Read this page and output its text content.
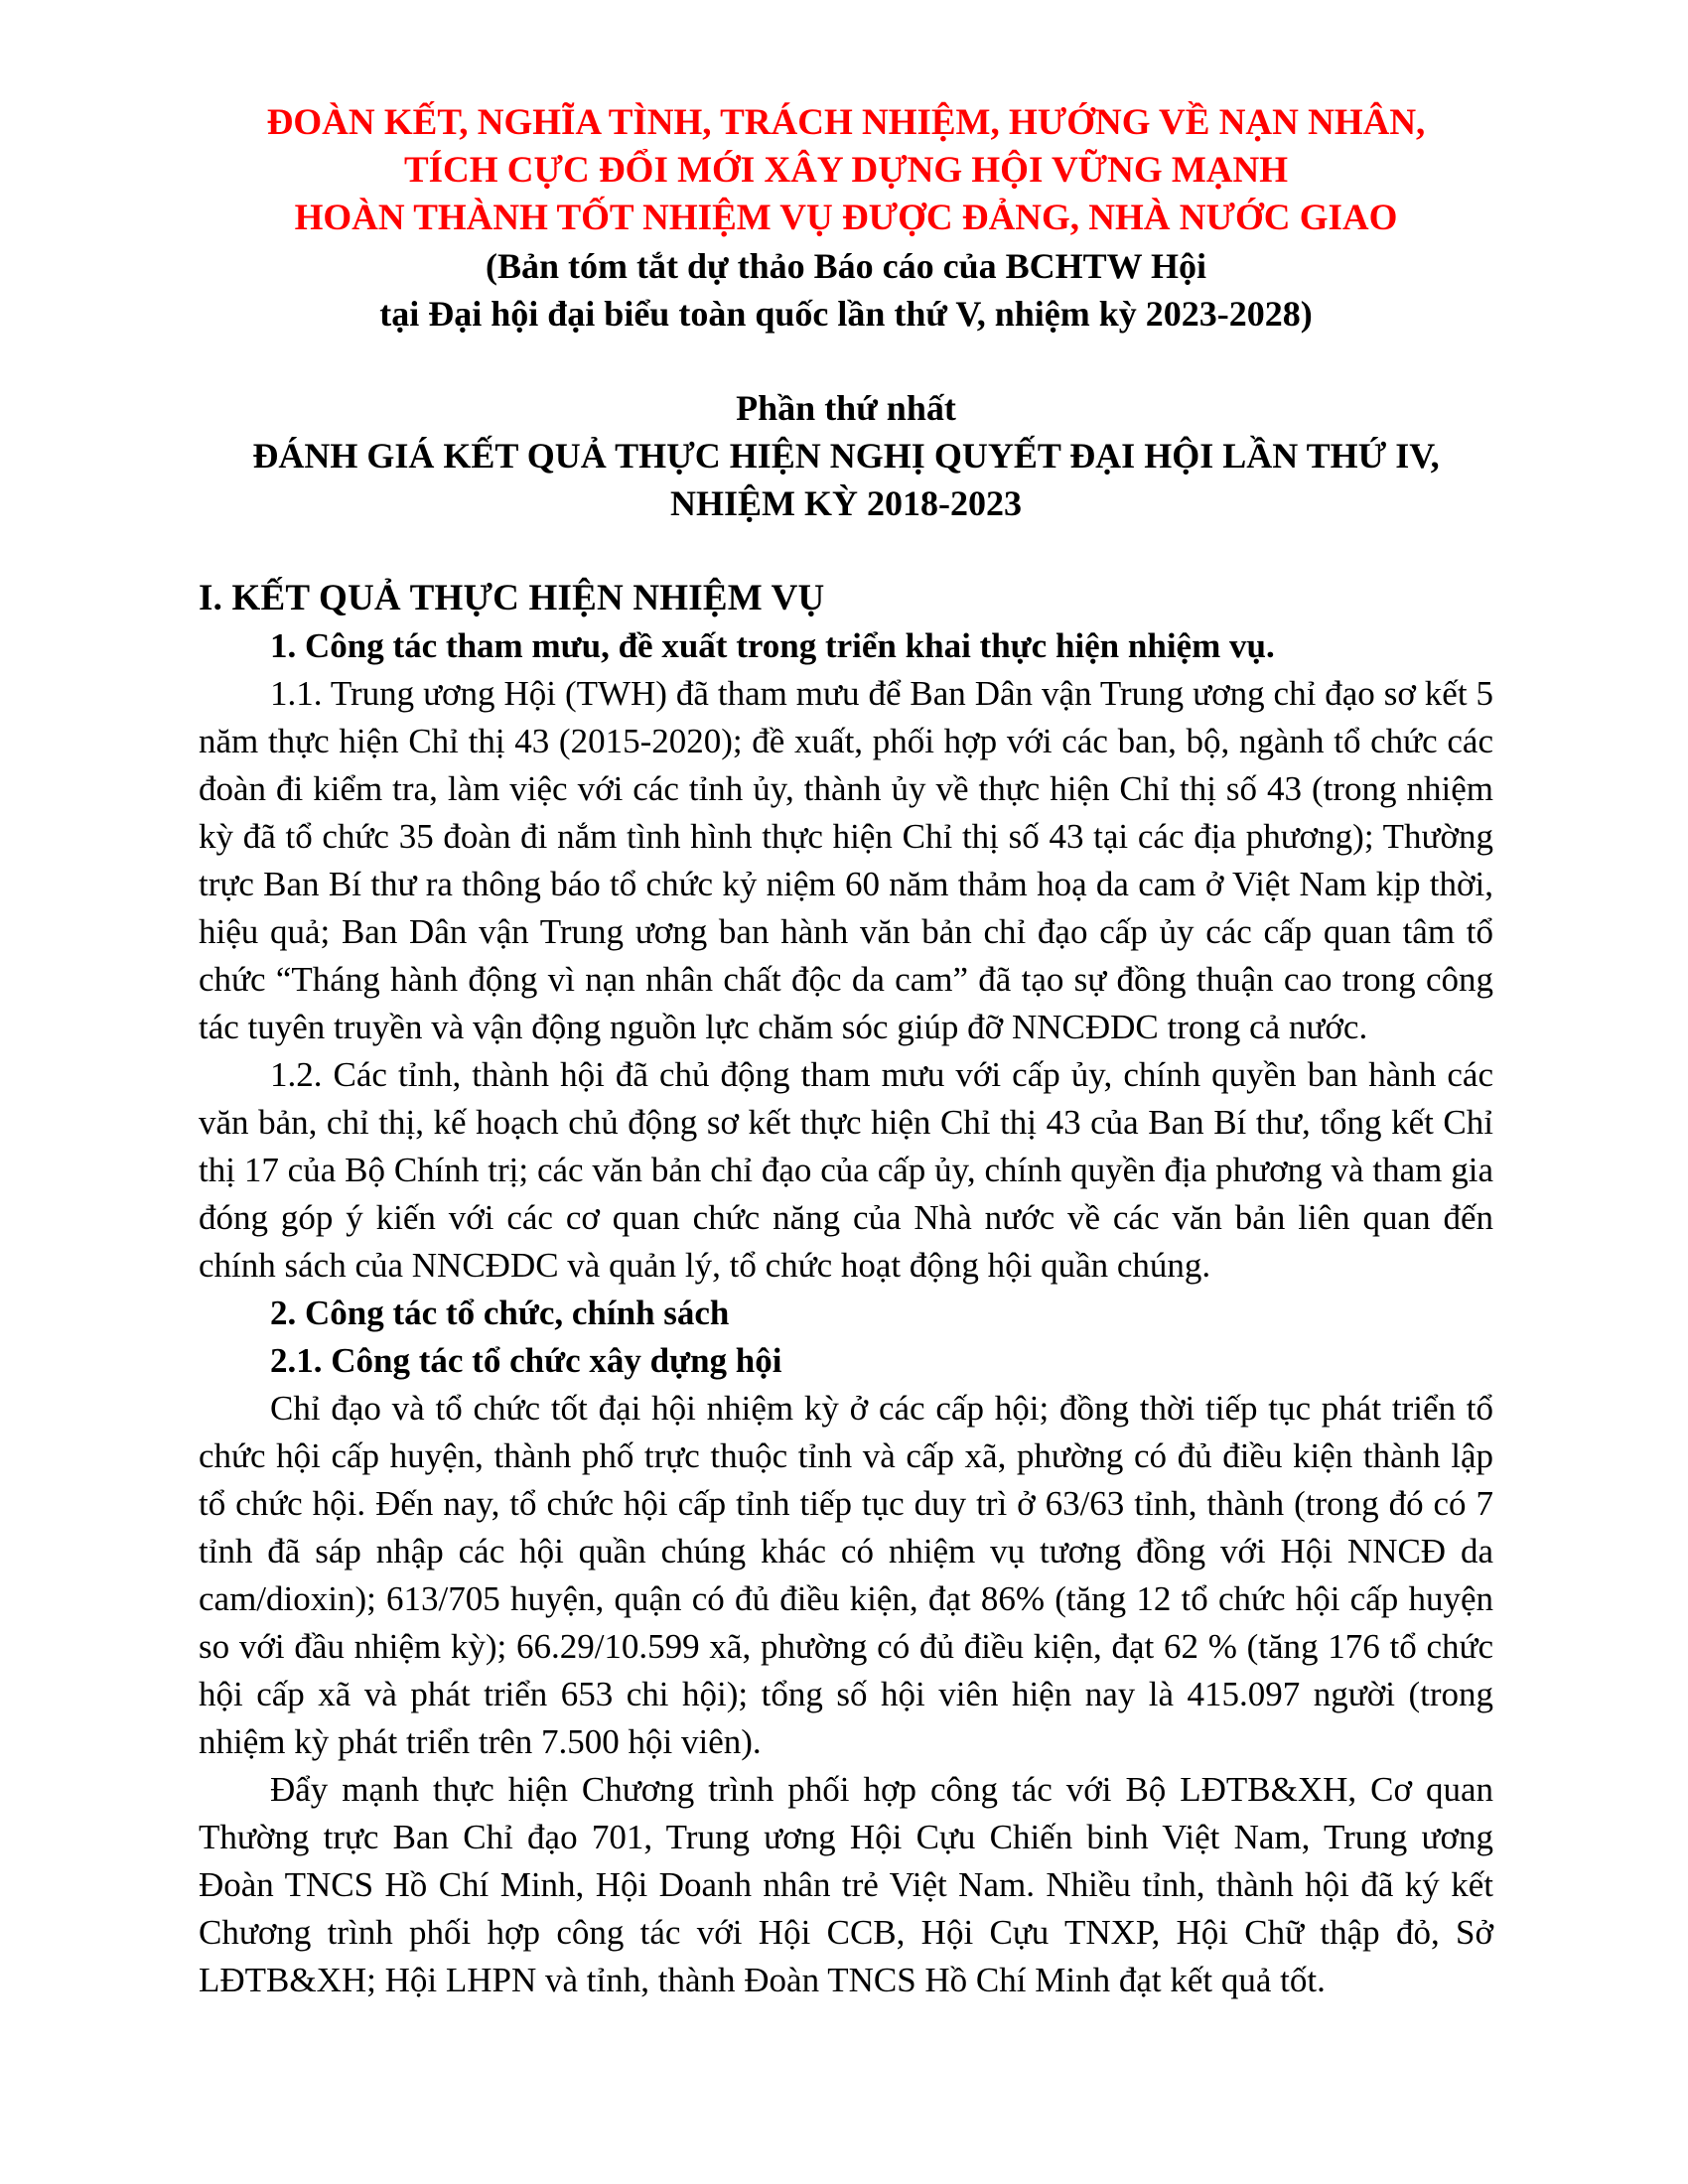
ĐOÀN KẾT, NGHĨA TÌNH, TRÁCH NHIỆM, HƯỚNG VỀ NẠN NHÂN,

TÍCH CỰC ĐỔI MỚI XÂY DỰNG HỘI VỮNG MẠNH

HOÀN THÀNH TỐT NHIỆM VỤ ĐƯỢC ĐẢNG, NHÀ NƯỚC GIAO

(Bản tóm tắt dự thảo Báo cáo của BCHTW Hội

tại Đại hội đại biểu toàn quốc lần thứ V, nhiệm kỳ 2023-2028)

Phần thứ nhất

ĐÁNH GIÁ KẾT QUẢ THỰC HIỆN NGHỊ QUYẾT ĐẠI HỘI LẦN THỨ IV,

NHIỆM KỲ 2018-2023

I. KẾT QUẢ THỰC HIỆN NHIỆM VỤ

1. Công tác tham mưu, đề xuất trong triển khai thực hiện nhiệm vụ.

1.1. Trung ương Hội (TWH) đã tham mưu để Ban Dân vận Trung ương chỉ đạo sơ kết 5 năm thực hiện Chỉ thị 43 (2015-2020); đề xuất, phối hợp với các ban, bộ, ngành tổ chức các đoàn đi kiểm tra, làm việc với các tỉnh ủy, thành ủy về thực hiện Chỉ thị số 43 (trong nhiệm kỳ đã tổ chức 35 đoàn đi nắm tình hình thực hiện Chỉ thị số 43 tại các địa phương); Thường trực Ban Bí thư ra thông báo tổ chức kỷ niệm 60 năm thảm hoạ da cam ở Việt Nam kịp thời, hiệu quả; Ban Dân vận Trung ương ban hành văn bản chỉ đạo cấp ủy các cấp quan tâm tổ chức “Tháng hành động vì nạn nhân chất độc da cam” đã tạo sự đồng thuận cao trong công tác tuyên truyền và vận động nguồn lực chăm sóc giúp đỡ NNCĐDC trong cả nước.

1.2. Các tỉnh, thành hội đã chủ động tham mưu với cấp ủy, chính quyền ban hành các văn bản, chỉ thị, kế hoạch chủ động sơ kết thực hiện Chỉ thị 43 của Ban Bí thư, tổng kết Chỉ thị 17 của Bộ Chính trị; các văn bản chỉ đạo của cấp ủy, chính quyền địa phương và tham gia đóng góp ý kiến với các cơ quan chức năng của Nhà nước về các văn bản liên quan đến chính sách của NNCĐDC và quản lý, tổ chức hoạt động hội quần chúng.

2. Công tác tổ chức, chính sách

2.1. Công tác tổ chức xây dựng hội

Chỉ đạo và tổ chức tốt đại hội nhiệm kỳ ở các cấp hội; đồng thời tiếp tục phát triển tổ chức hội cấp huyện, thành phố trực thuộc tỉnh và cấp xã, phường có đủ điều kiện thành lập tổ chức hội. Đến nay, tổ chức hội cấp tỉnh tiếp tục duy trì ở 63/63 tỉnh, thành (trong đó có 7 tỉnh đã sáp nhập các hội quần chúng khác có nhiệm vụ tương đồng với Hội NNCĐ da cam/dioxin); 613/705 huyện, quận có đủ điều kiện, đạt 86% (tăng 12 tổ chức hội cấp huyện so với đầu nhiệm kỳ); 66.29/10.599 xã, phường có đủ điều kiện, đạt 62 % (tăng 176 tổ chức hội cấp xã và phát triển 653 chi hội); tổng số hội viên hiện nay là 415.097 người (trong nhiệm kỳ phát triển trên 7.500 hội viên).

Đẩy mạnh thực hiện Chương trình phối hợp công tác với Bộ LĐTB&XH, Cơ quan Thường trực Ban Chỉ đạo 701, Trung ương Hội Cựu Chiến binh Việt Nam, Trung ương Đoàn TNCS Hồ Chí Minh, Hội Doanh nhân trẻ Việt Nam. Nhiều tỉnh, thành hội đã ký kết Chương trình phối hợp công tác với Hội CCB, Hội Cựu TNXP, Hội Chữ thập đỏ, Sở LĐTB&XH; Hội LHPN và tỉnh, thành Đoàn TNCS Hồ Chí Minh đạt kết quả tốt.
